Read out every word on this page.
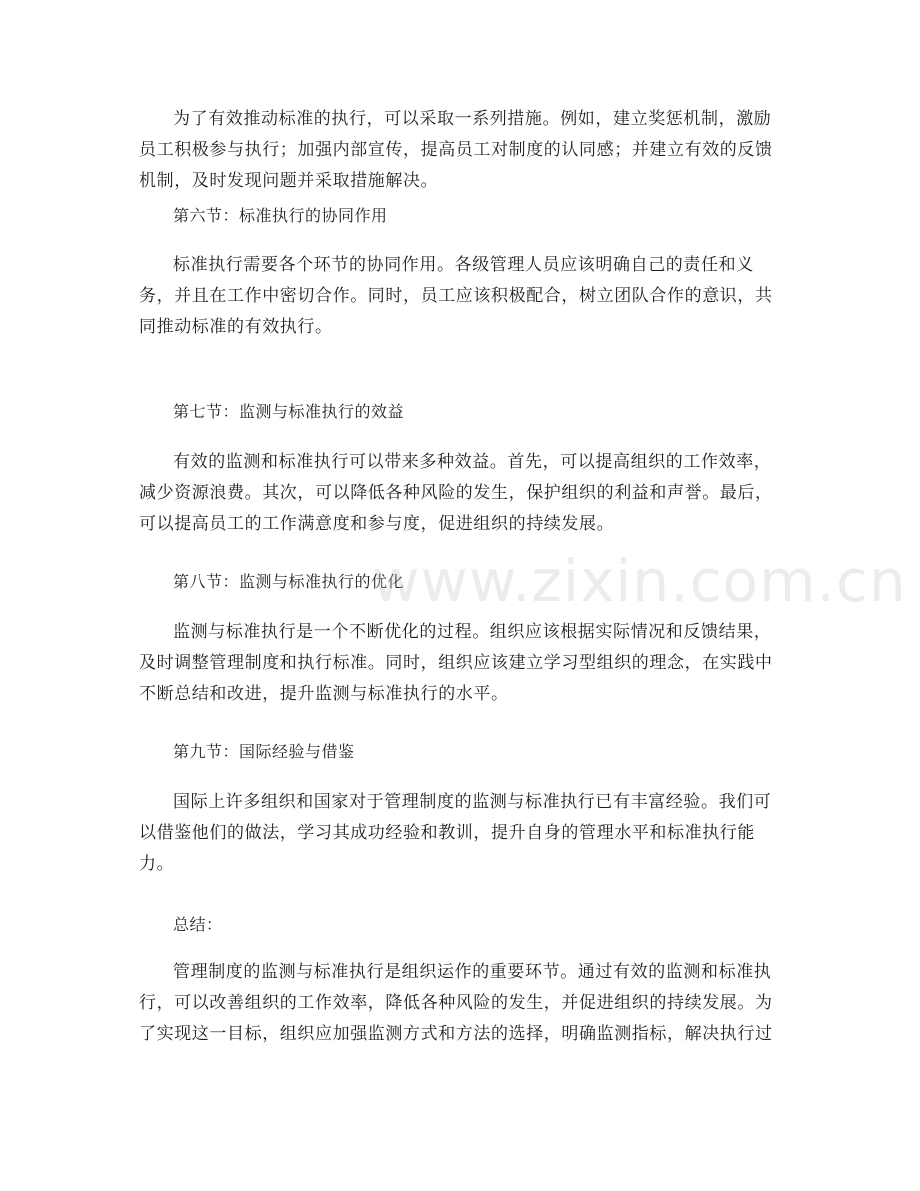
为了有效推动标准的执行，可以采取一系列措施。例如，建立奖惩机制，激励员工积极参与执行；加强内部宣传，提高员工对制度的认同感；并建立有效的反馈机制，及时发现问题并采取措施解决。

第六节：标准执行的协同作用

标准执行需要各个环节的协同作用。各级管理人员应该明确自己的责任和义务，并且在工作中密切合作。同时，员工应该积极配合，树立团队合作的意识，共同推动标准的有效执行。

第七节：监测与标准执行的效益

有效的监测和标准执行可以带来多种效益。首先，可以提高组织的工作效率，减少资源浪费。其次，可以降低各种风险的发生，保护组织的利益和声誉。最后，可以提高员工的工作满意度和参与度，促进组织的持续发展。

第八节：监测与标准执行的优化

监测与标准执行是一个不断优化的过程。组织应该根据实际情况和反馈结果，及时调整管理制度和执行标准。同时，组织应该建立学习型组织的理念，在实践中不断总结和改进，提升监测与标准执行的水平。

第九节：国际经验与借鉴

国际上许多组织和国家对于管理制度的监测与标准执行已有丰富经验。我们可以借鉴他们的做法，学习其成功经验和教训，提升自身的管理水平和标准执行能力。

总结：

管理制度的监测与标准执行是组织运作的重要环节。通过有效的监测和标准执行，可以改善组织的工作效率，降低各种风险的发生，并促进组织的持续发展。为了实现这一目标，组织应加强监测方式和方法的选择，明确监测指标，解决执行过

www.zixin.com.cn
